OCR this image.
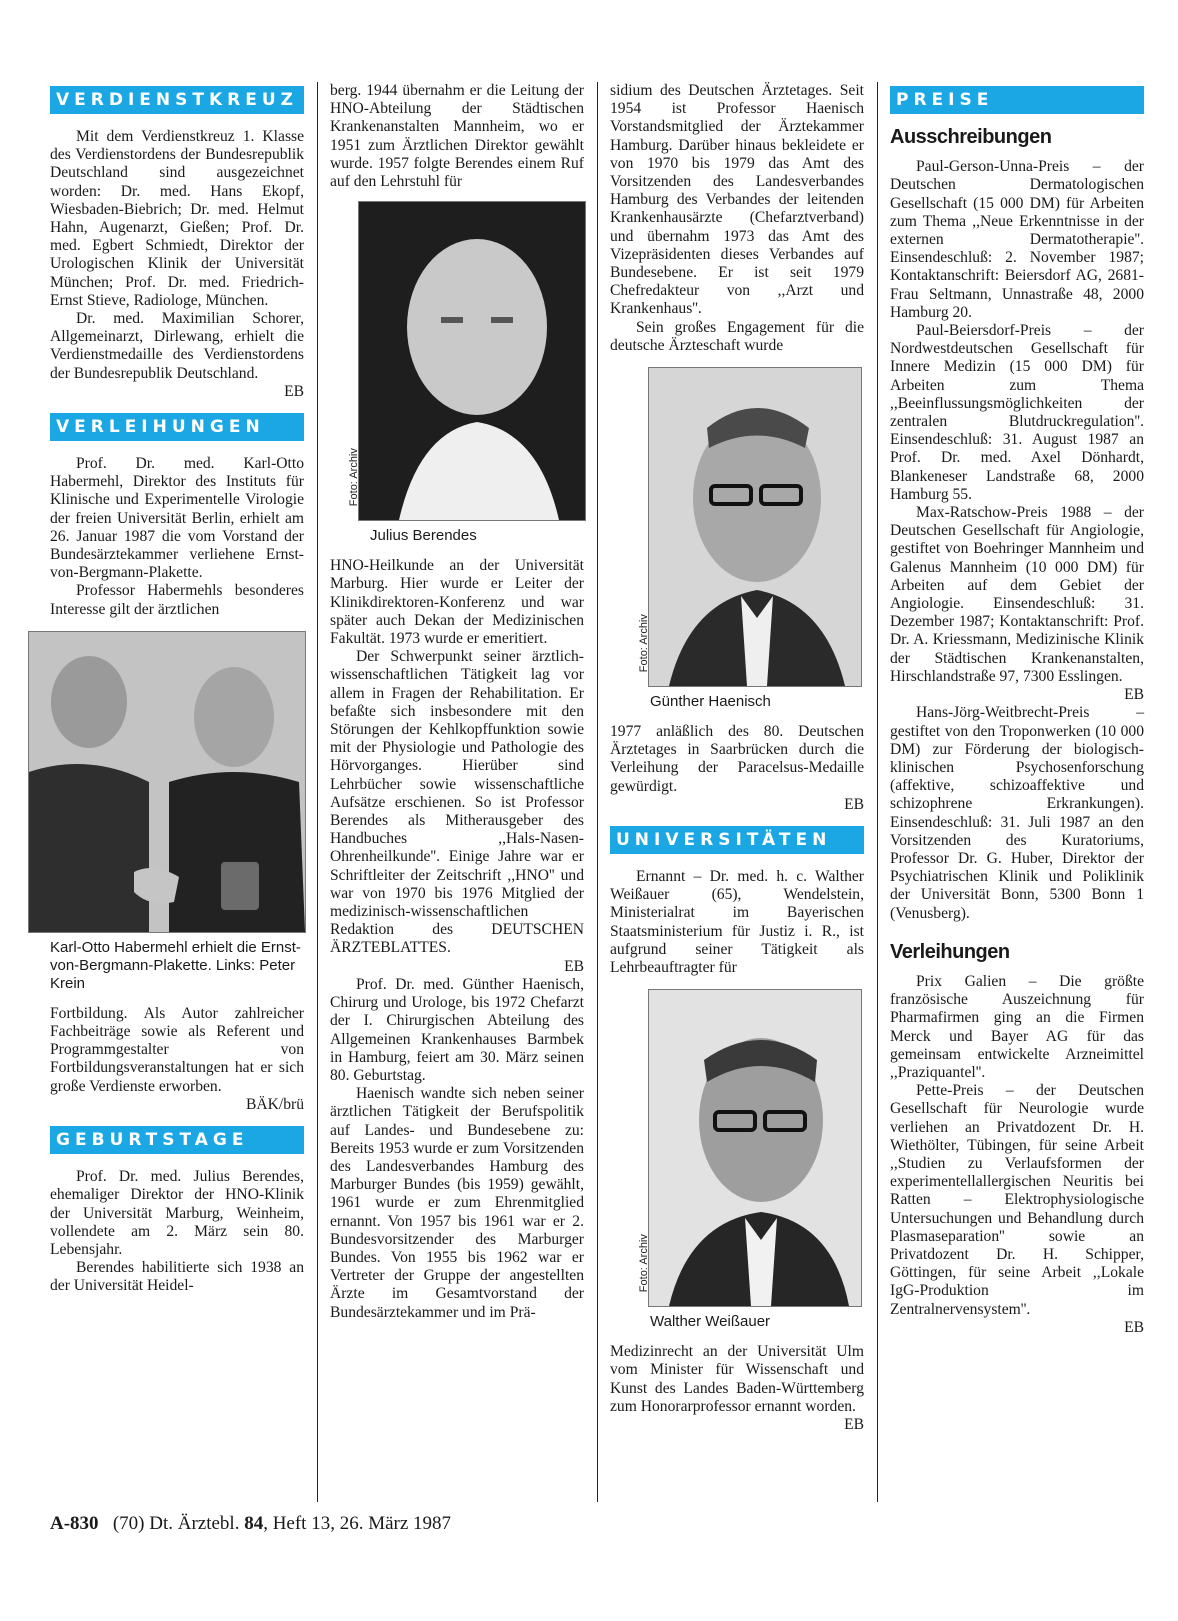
VERDIENSTKREUZ

Mit dem Verdienstkreuz 1. Klasse des Verdienstordens der Bundesrepublik Deutschland sind ausgezeichnet worden: Dr. med. Hans Ekopf, Wiesbaden-Biebrich; Dr. med. Helmut Hahn, Augenarzt, Gießen; Prof. Dr. med. Egbert Schmiedt, Direktor der Urologischen Klinik der Universität München; Prof. Dr. med. Friedrich-Ernst Stieve, Radiologe, München.

Dr. med. Maximilian Schorer, Allgemeinarzt, Dirlewang, erhielt die Verdienstmedaille des Verdienstordens der Bundesrepublik Deutschland.

EB

VERLEIHUNGEN

Prof. Dr. med. Karl-Otto Habermehl, Direktor des Instituts für Klinische und Experimentelle Virologie der freien Universität Berlin, erhielt am 26. Januar 1987 die vom Vorstand der Bundesärztekammer verliehene Ernst-von-Bergmann-Plakette.

Professor Habermehls besonderes Interesse gilt der ärztlichen

Foto: Stark-Otto
Karl-Otto Habermehl erhielt die Ernst-von-Bergmann-Plakette. Links: Peter Krein

Fortbildung. Als Autor zahlreicher Fachbeiträge sowie als Referent und Programmgestalter von Fortbildungsveranstaltungen hat er sich große Verdienste erworben.

BÄK/brü

GEBURTSTAGE

Prof. Dr. med. Julius Berendes, ehemaliger Direktor der HNO-Klinik der Universität Marburg, Weinheim, vollendete am 2. März sein 80. Lebensjahr.

Berendes habilitierte sich 1938 an der Universität Heidel-

berg. 1944 übernahm er die Leitung der HNO-Abteilung der Städtischen Krankenanstalten Mannheim, wo er 1951 zum Ärztlichen Direktor gewählt wurde. 1957 folgte Berendes einem Ruf auf den Lehrstuhl für

Foto: Archiv
Julius Berendes

HNO-Heilkunde an der Universität Marburg. Hier wurde er Leiter der Klinikdirektoren-Konferenz und war später auch Dekan der Medizinischen Fakultät. 1973 wurde er emeritiert.

Der Schwerpunkt seiner ärztlich-wissenschaftlichen Tätigkeit lag vor allem in Fragen der Rehabilitation. Er befaßte sich insbesondere mit den Störungen der Kehlkopffunktion sowie mit der Physiologie und Pathologie des Hörvorganges. Hierüber sind Lehrbücher sowie wissenschaftliche Aufsätze erschienen. So ist Professor Berendes als Mitherausgeber des Handbuches ,,Hals-Nasen-Ohrenheilkunde''. Einige Jahre war er Schriftleiter der Zeitschrift ,,HNO'' und war von 1970 bis 1976 Mitglied der medizinisch-wissenschaftlichen Redaktion des DEUTSCHEN ÄRZTEBLATTES.

EB

Prof. Dr. med. Günther Haenisch, Chirurg und Urologe, bis 1972 Chefarzt der I. Chirurgischen Abteilung des Allgemeinen Krankenhauses Barmbek in Hamburg, feiert am 30. März seinen 80. Geburtstag.

Haenisch wandte sich neben seiner ärztlichen Tätigkeit der Berufspolitik auf Landes- und Bundesebene zu: Bereits 1953 wurde er zum Vorsitzenden des Landesverbandes Hamburg des Marburger Bundes (bis 1959) gewählt, 1961 wurde er zum Ehrenmitglied ernannt. Von 1957 bis 1961 war er 2. Bundesvorsitzender des Marburger Bundes. Von 1955 bis 1962 war er Vertreter der Gruppe der angestellten Ärzte im Gesamtvorstand der Bundesärztekammer und im Prä-

sidium des Deutschen Ärztetages. Seit 1954 ist Professor Haenisch Vorstandsmitglied der Ärztekammer Hamburg. Darüber hinaus bekleidete er von 1970 bis 1979 das Amt des Vorsitzenden des Landesverbandes Hamburg des Verbandes der leitenden Krankenhausärzte (Chefarztverband) und übernahm 1973 das Amt des Vizepräsidenten dieses Verbandes auf Bundesebene. Er ist seit 1979 Chefredakteur von ,,Arzt und Krankenhaus''.

Sein großes Engagement für die deutsche Ärzteschaft wurde

Foto: Archiv
Günther Haenisch

1977 anläßlich des 80. Deutschen Ärztetages in Saarbrücken durch die Verleihung der Paracelsus-Medaille gewürdigt.

EB

UNIVERSITÄTEN

Ernannt – Dr. med. h. c. Walther Weißauer (65), Wendelstein, Ministerialrat im Bayerischen Staatsministerium für Justiz i. R., ist aufgrund seiner Tätigkeit als Lehrbeauftragter für

Foto: Archiv
Walther Weißauer

Medizinrecht an der Universität Ulm vom Minister für Wissenschaft und Kunst des Landes Baden-Württemberg zum Honorarprofessor ernannt worden.

EB

PREISE
Ausschreibungen

Paul-Gerson-Unna-Preis – der Deutschen Dermatologischen Gesellschaft (15 000 DM) für Arbeiten zum Thema ,,Neue Erkenntnisse in der externen Dermatotherapie''. Einsendeschluß: 2. November 1987; Kontaktanschrift: Beiersdorf AG, 2681-Frau Seltmann, Unnastraße 48, 2000 Hamburg 20.

Paul-Beiersdorf-Preis – der Nordwestdeutschen Gesellschaft für Innere Medizin (15 000 DM) für Arbeiten zum Thema ,,Beeinflussungsmöglichkeiten der zentralen Blutdruckregulation''. Einsendeschluß: 31. August 1987 an Prof. Dr. med. Axel Dönhardt, Blankeneser Landstraße 68, 2000 Hamburg 55.

Max-Ratschow-Preis 1988 – der Deutschen Gesellschaft für Angiologie, gestiftet von Boehringer Mannheim und Galenus Mannheim (10 000 DM) für Arbeiten auf dem Gebiet der Angiologie. Einsendeschluß: 31. Dezember 1987; Kontaktanschrift: Prof. Dr. A. Kriessmann, Medizinische Klinik der Städtischen Krankenanstalten, Hirschlandstraße 97, 7300 Esslingen.

EB

Hans-Jörg-Weitbrecht-Preis – gestiftet von den Troponwerken (10 000 DM) zur Förderung der biologisch-klinischen Psychosenforschung (affektive, schizoaffektive und schizophrene Erkrankungen). Einsendeschluß: 31. Juli 1987 an den Vorsitzenden des Kuratoriums, Professor Dr. G. Huber, Direktor der Psychiatrischen Klinik und Poliklinik der Universität Bonn, 5300 Bonn 1 (Venusberg).

Verleihungen

Prix Galien – Die größte französische Auszeichnung für Pharmafirmen ging an die Firmen Merck und Bayer AG für das gemeinsam entwickelte Arzneimittel ,,Praziquantel''.

Pette-Preis – der Deutschen Gesellschaft für Neurologie wurde verliehen an Privatdozent Dr. H. Wiethölter, Tübingen, für seine Arbeit ,,Studien zu Verlaufsformen der experimentellallergischen Neuritis bei Ratten – Elektrophysiologische Untersuchungen und Behandlung durch Plasmaseparation'' sowie an Privatdozent Dr. H. Schipper, Göttingen, für seine Arbeit ,,Lokale IgG-Produktion im Zentralnervensystem''.

EB

A-830 (70) Dt. Ärztebl. 84, Heft 13, 26. März 1987
